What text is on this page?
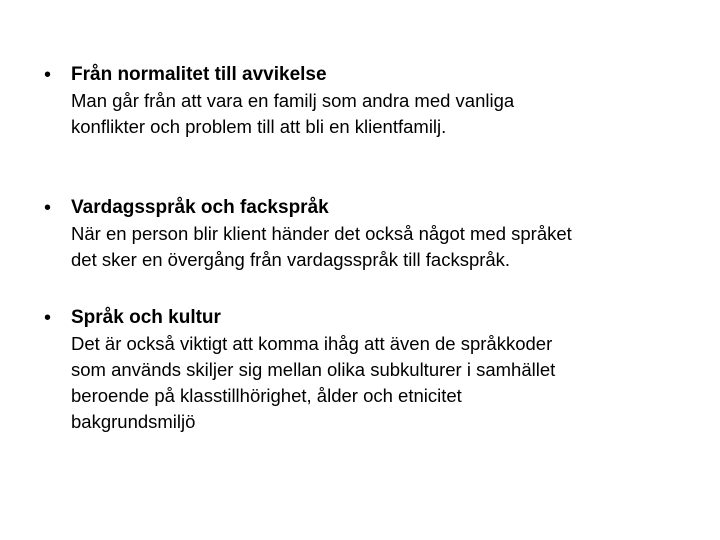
• Från normalitet till avvikelse
Man går från att vara en familj som andra med vanliga
konflikter och problem till att bli en klientfamilj.
• Vardagsspråk och fackspråk
När en person blir klient händer det också något med språket
det sker en övergång från vardagsspråk till fackspråk.
• Språk och kultur
Det är också viktigt att komma ihåg att även de språkkoder
som används skiljer sig mellan olika subkulturer i samhället
beroende på klasstillhörighet, ålder och etnicitet
bakgrundsmiljö
